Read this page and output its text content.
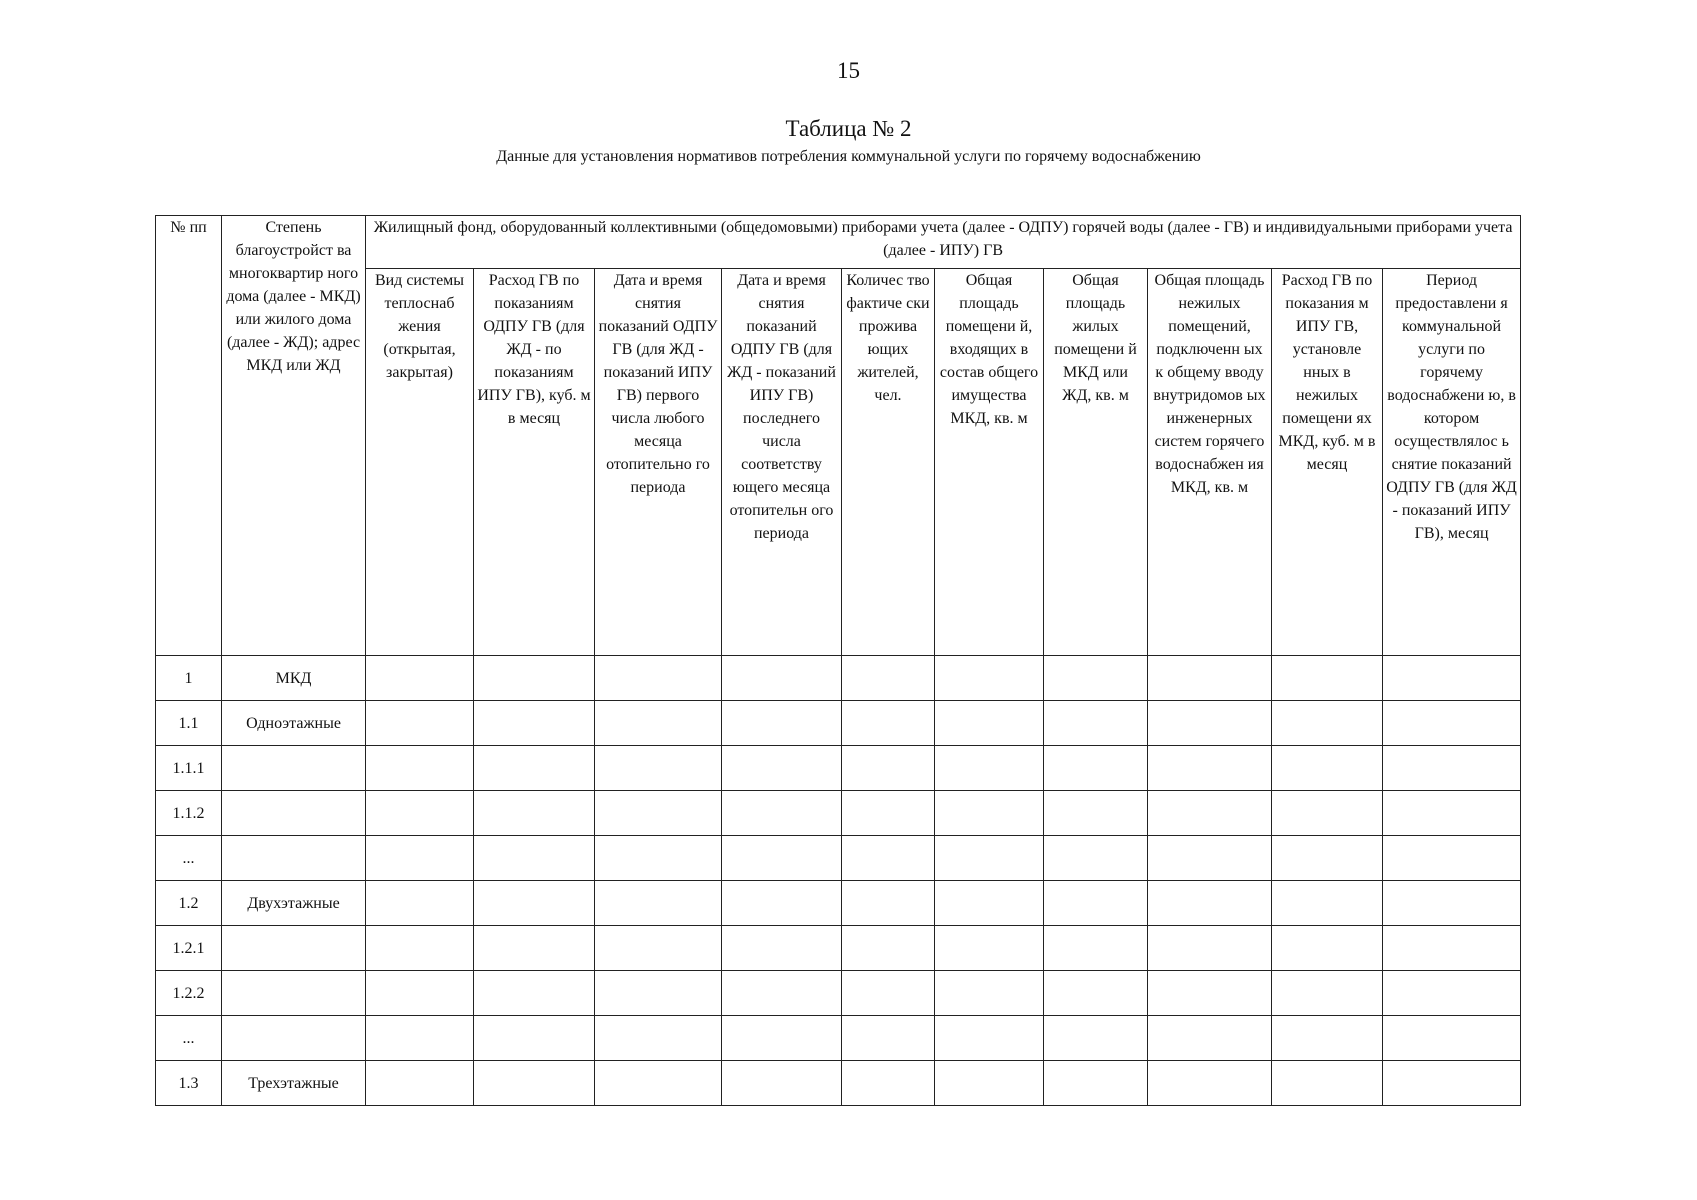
15
Таблица № 2
Данные для установления нормативов потребления коммунальной услуги по горячему водоснабжению
№ пп	Степень благоустройст ва многоквартир ного дома (далее - МКД) или жилого дома (далее - ЖД); адрес МКД или ЖД	Жилищный фонд, оборудованный коллективными (общедомовыми) приборами учета (далее - ОДПУ) горячей воды (далее - ГВ) и индивидуальными приборами учета (далее - ИПУ) ГВ									
		Вид системы теплоснаб жения (открытая, закрытая)	Расход ГВ по показаниям ОДПУ ГВ (для ЖД - по показаниям ИПУ ГВ), куб. м в месяц	Дата и время снятия показаний ОДПУ ГВ (для ЖД - показаний ИПУ ГВ) первого числа любого месяца отопительно го периода	Дата и время снятия показаний ОДПУ ГВ (для ЖД - показаний ИПУ ГВ) последнего числа соответству ющего месяца отопительн ого периода	Количес тво фактиче ски прожива ющих жителей, чел.	Общая площадь помещени й, входящих в состав общего имущества МКД, кв. м	Общая площадь жилых помещени й МКД или ЖД, кв. м	Общая площадь нежилых помещений, подключенн ых к общему вводу внутридомов ых инженерных систем горячего водоснабжен ия МКД, кв. м	Расход ГВ по показания м ИПУ ГВ, установле нных в нежилых помещени ях МКД, куб. м в месяц	Период предоставлени я коммунальной услуги по горячему водоснабжени ю, в котором осуществлялос ь снятие показаний ОДПУ ГВ (для ЖД - показаний ИПУ ГВ), месяц
1	МКД										
1.1	Одноэтажные										
1.1.1											
1.1.2											
...											
1.2	Двухэтажные										
1.2.1											
1.2.2											
...											
1.3	Трехэтажные										
